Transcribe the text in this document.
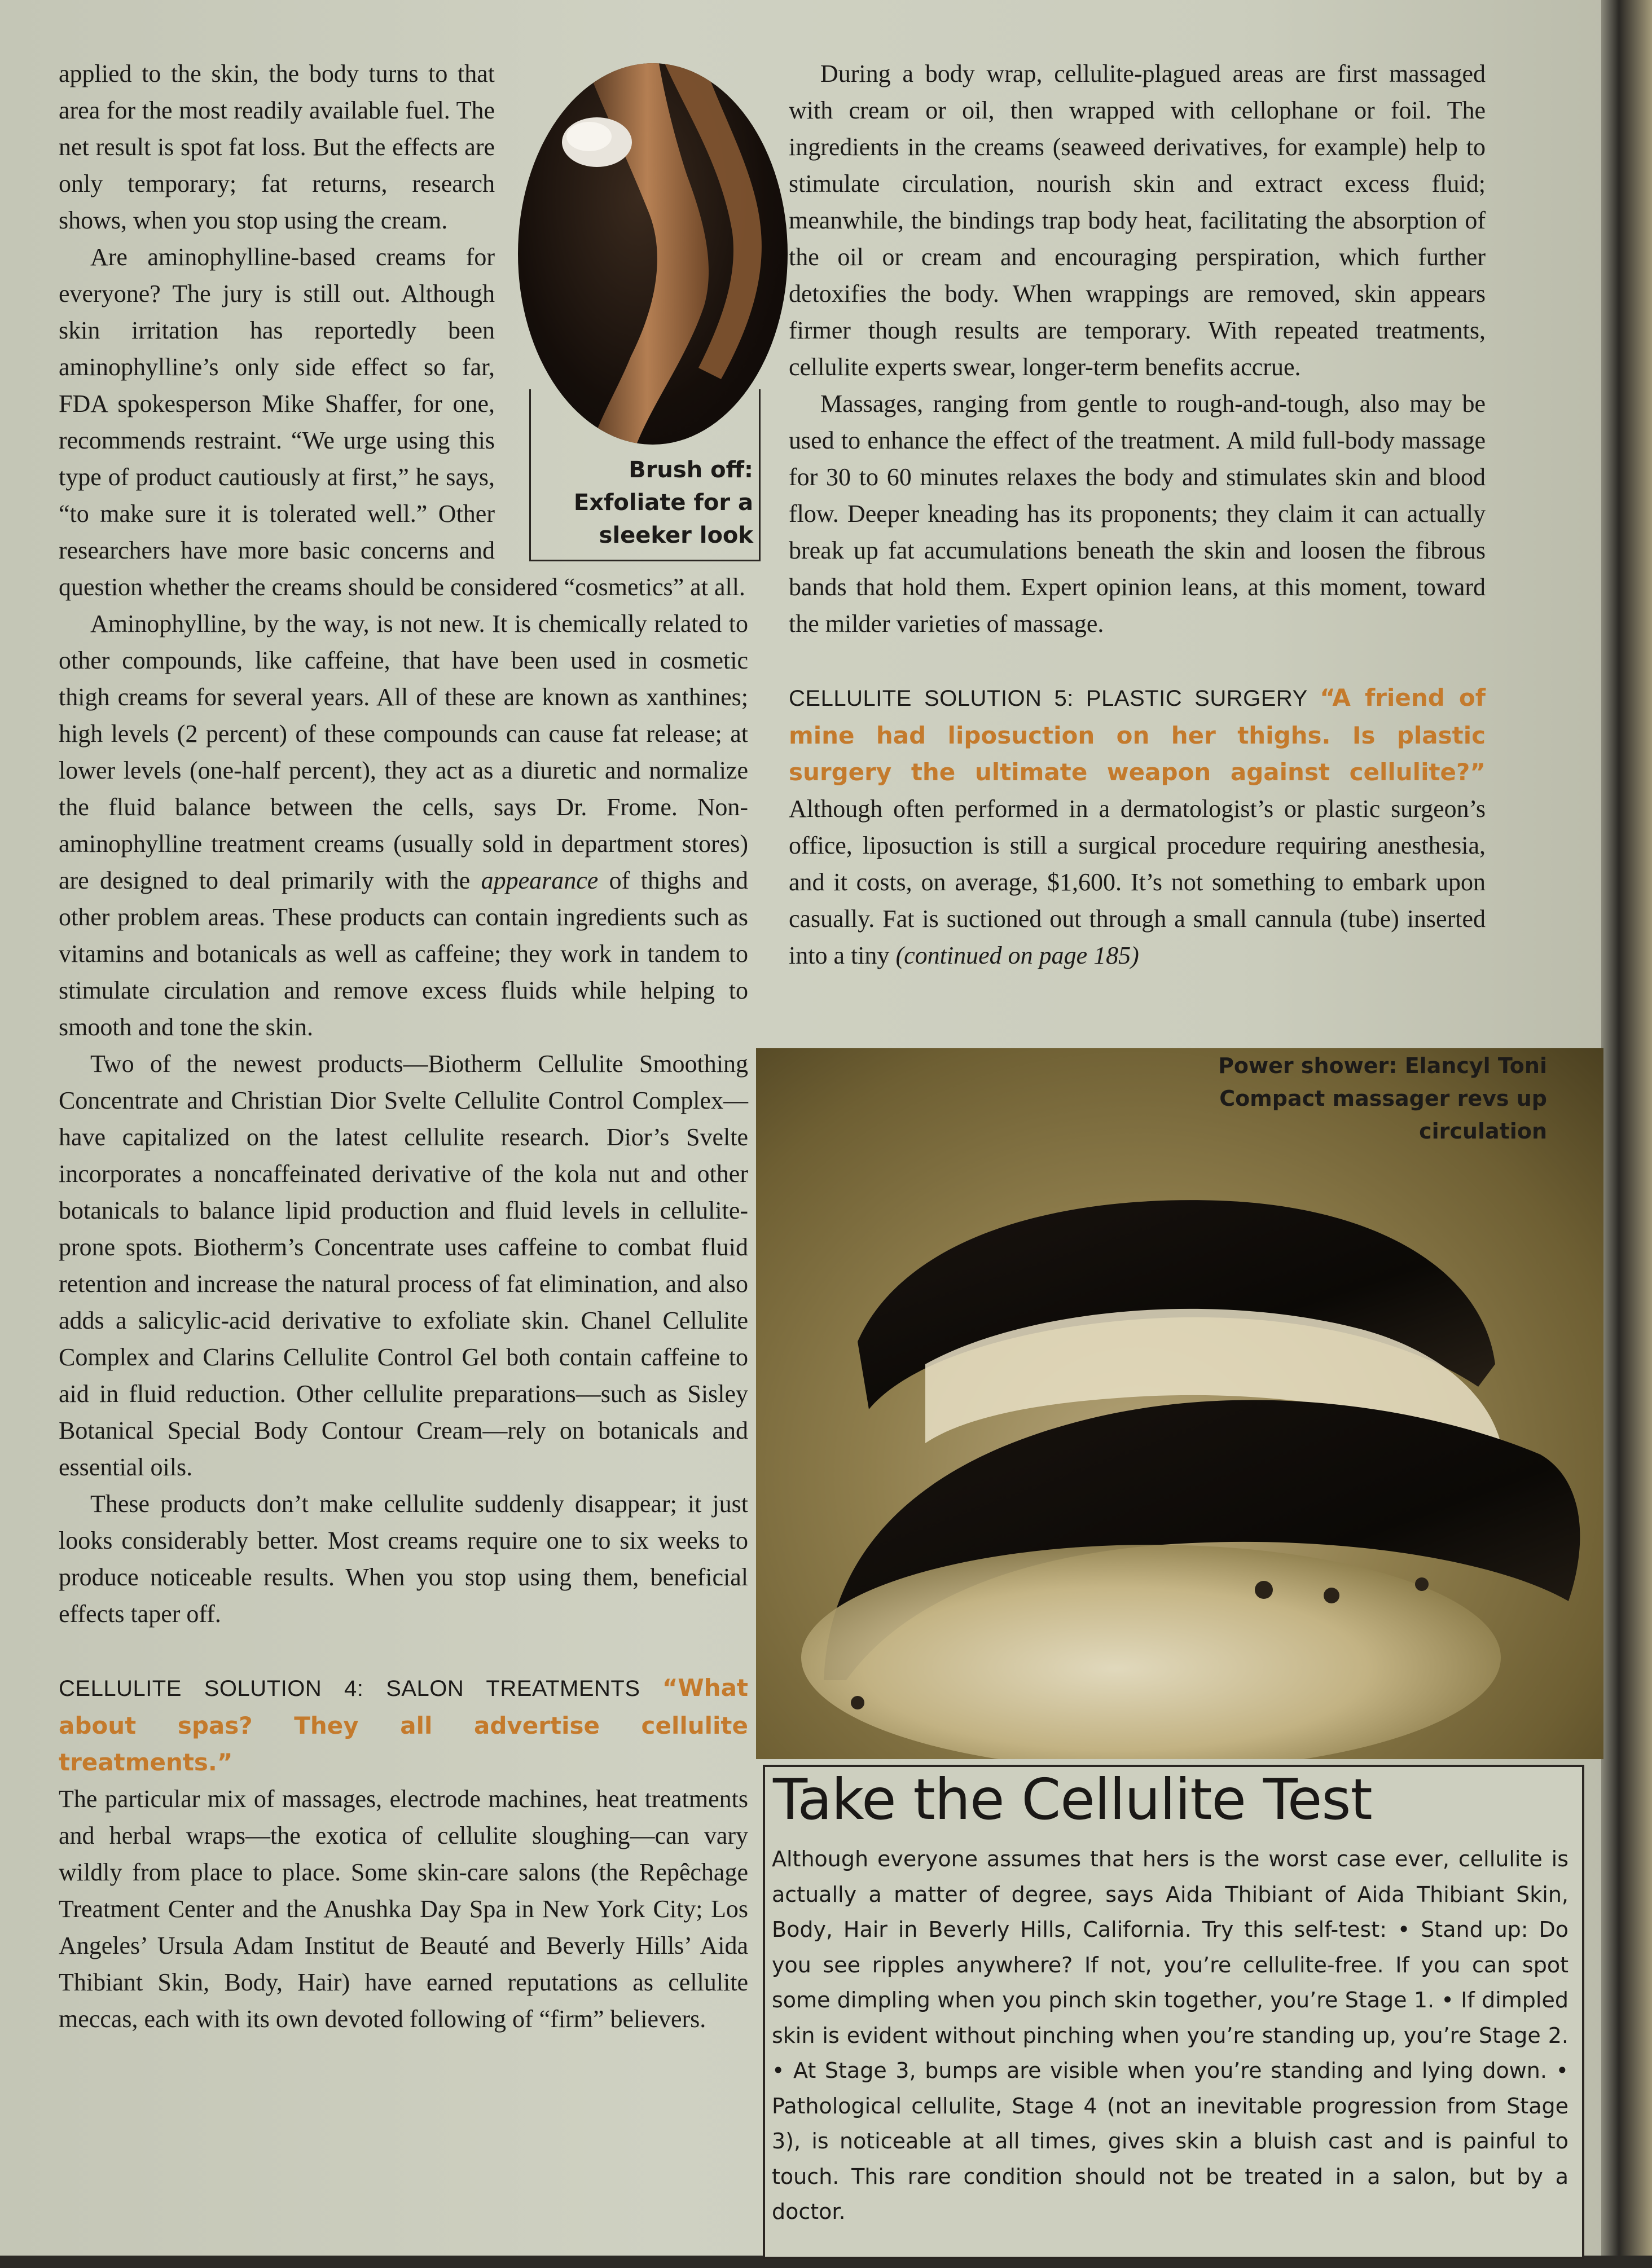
Brush off: Exfoliate for a sleeker look

applied to the skin, the body turns to that area for the most readily available fuel. The net result is spot fat loss. But the effects are only temporary; fat returns, research shows, when you stop using the cream.

Are aminophylline-based creams for everyone? The jury is still out. Although skin irritation has reportedly been aminophylline’s only side effect so far, FDA spokesperson Mike Shaffer, for one, recommends restraint. “We urge using this type of product cautiously at first,” he says, “to make sure it is tolerated well.” Other researchers have more basic concerns and question whether the creams should be considered “cosmetics” at all.

Aminophylline, by the way, is not new. It is chemically related to other compounds, like caffeine, that have been used in cosmetic thigh creams for several years. All of these are known as xanthines; high levels (2 percent) of these compounds can cause fat release; at lower levels (one-half percent), they act as a diuretic and normalize the fluid balance between the cells, says Dr. Frome. Non-aminophylline treatment creams (usually sold in department stores) are designed to deal primarily with the appearance of thighs and other problem areas. These products can contain ingredients such as vitamins and botanicals as well as caffeine; they work in tandem to stimulate circulation and remove excess fluids while helping to smooth and tone the skin.

Two of the newest products—Biotherm Cellulite Smoothing Concentrate and Christian Dior Svelte Cellulite Control Complex—have capitalized on the latest cellulite research. Dior’s Svelte incorporates a noncaffeinated derivative of the kola nut and other botanicals to balance lipid production and fluid levels in cellulite-prone spots. Biotherm’s Concentrate uses caffeine to combat fluid retention and increase the natural process of fat elimination, and also adds a salicylic-acid derivative to exfoliate skin. Chanel Cellulite Complex and Clarins Cellulite Control Gel both contain caffeine to aid in fluid reduction. Other cellulite preparations—such as Sisley Botanical Special Body Contour Cream—rely on botanicals and essential oils.

These products don’t make cellulite suddenly disappear; it just looks considerably better. Most creams require one to six weeks to produce noticeable results. When you stop using them, beneficial effects taper off.

CELLULITE SOLUTION 4: SALON TREATMENTS “What about spas? They all advertise cellulite treatments.”

The particular mix of massages, electrode machines, heat treatments and herbal wraps—the exotica of cellulite sloughing—can vary wildly from place to place. Some skin-care salons (the Repêchage Treatment Center and the Anushka Day Spa in New York City; Los Angeles’ Ursula Adam Institut de Beauté and Beverly Hills’ Aida Thibiant Skin, Body, Hair) have earned reputations as cellulite meccas, each with its own devoted following of “firm” believers.

During a body wrap, cellulite-plagued areas are first massaged with cream or oil, then wrapped with cellophane or foil. The ingredients in the creams (seaweed derivatives, for example) help to stimulate circulation, nourish skin and extract excess fluid; meanwhile, the bindings trap body heat, facilitating the absorption of the oil or cream and encouraging perspiration, which further detoxifies the body. When wrappings are removed, skin appears firmer though results are temporary. With repeated treatments, cellulite experts swear, longer-term benefits accrue.

Massages, ranging from gentle to rough-and-tough, also may be used to enhance the effect of the treatment. A mild full-body massage for 30 to 60 minutes relaxes the body and stimulates skin and blood flow. Deeper kneading has its proponents; they claim it can actually break up fat accumulations beneath the skin and loosen the fibrous bands that hold them. Expert opinion leans, at this moment, toward the milder varieties of massage.

CELLULITE SOLUTION 5: PLASTIC SURGERY “A friend of mine had liposuction on her thighs. Is plastic surgery the ultimate weapon against cellulite?” Although often performed in a dermatologist’s or plastic surgeon’s office, liposuction is still a surgical procedure requiring anesthesia, and it costs, on average, $1,600. It’s not something to embark upon casually. Fat is suctioned out through a small cannula (tube) inserted into a tiny (continued on page 185)

Power shower: Elancyl Toni Compact massager revs up circulation
Take the Cellulite Test
Although everyone assumes that hers is the worst case ever, cellulite is actually a matter of degree, says Aida Thibiant of Aida Thibiant Skin, Body, Hair in Beverly Hills, California. Try this self-test: • Stand up: Do you see ripples anywhere? If not, you’re cellulite-free. If you can spot some dimpling when you pinch skin together, you’re Stage 1. • If dimpled skin is evident without pinching when you’re standing up, you’re Stage 2. • At Stage 3, bumps are visible when you’re standing and lying down. • Pathological cellulite, Stage 4 (not an inevitable progression from Stage 3), is noticeable at all times, gives skin a bluish cast and is painful to touch. This rare condition should not be treated in a salon, but by a doctor.
